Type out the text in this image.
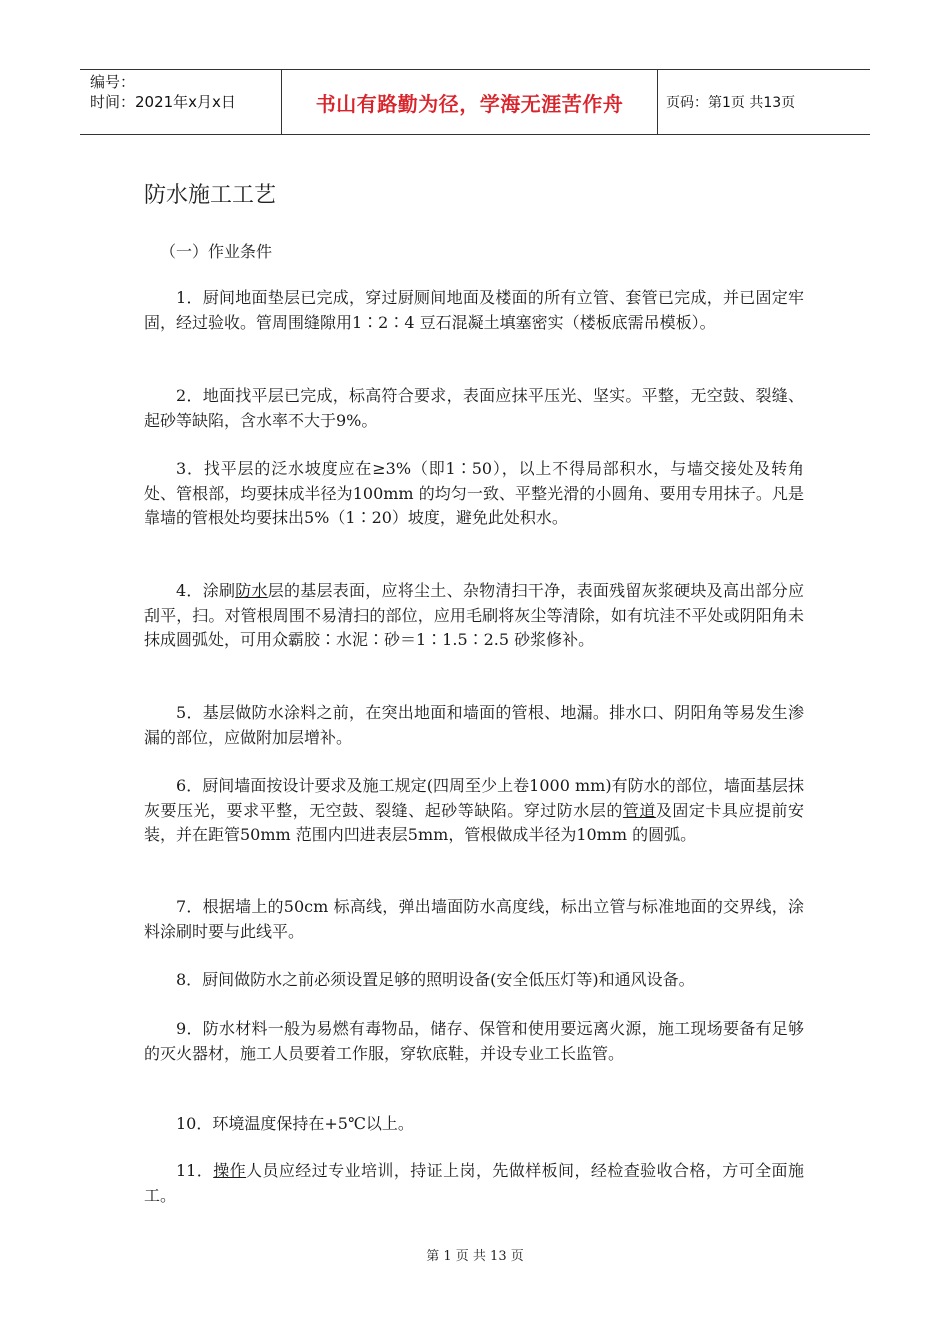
编号：
时间：2021年x月x日	书山有路勤为径，学海无涯苦作舟	页码：第1页 共13页
防水施工工艺
（一）作业条件
1．厨间地面垫层已完成，穿过厨厕间地面及楼面的所有立管、套管已完成，并已固定牢固，经过验收。管周围缝隙用1∶2∶4 豆石混凝土填塞密实（楼板底需吊模板）。
2．地面找平层已完成，标高符合要求，表面应抹平压光、坚实。平整，无空鼓、裂缝、起砂等缺陷，含水率不大于9%。
3．找平层的泛水坡度应在≥3%（即1∶50），以上不得局部积水，与墙交接处及转角处、管根部，均要抹成半径为100mm 的均匀一致、平整光滑的小圆角、要用专用抹子。凡是靠墙的管根处均要抹出5%（1∶20）坡度，避免此处积水。
4．涂刷防水层的基层表面，应将尘土、杂物清扫干净，表面残留灰浆硬块及高出部分应刮平，扫。对管根周围不易清扫的部位，应用毛刷将灰尘等清除，如有坑洼不平处或阴阳角未抹成圆弧处，可用众霸胶∶水泥∶砂＝1∶1.5∶2.5 砂浆修补。
5．基层做防水涂料之前，在突出地面和墙面的管根、地漏。排水口、阴阳角等易发生渗漏的部位，应做附加层增补。
6．厨间墙面按设计要求及施工规定(四周至少上卷1000 mm)有防水的部位，墙面基层抹灰要压光，要求平整，无空鼓、裂缝、起砂等缺陷。穿过防水层的管道及固定卡具应提前安装，并在距管50mm 范围内凹进表层5mm，管根做成半径为10mm 的圆弧。
7．根据墙上的50cm 标高线，弹出墙面防水高度线，标出立管与标准地面的交界线，涂料涂刷时要与此线平。
8．厨间做防水之前必须设置足够的照明设备(安全低压灯等)和通风设备。
9．防水材料一般为易燃有毒物品，储存、保管和使用要远离火源，施工现场要备有足够的灭火器材，施工人员要着工作服，穿软底鞋，并设专业工长监管。
10．环境温度保持在+5℃以上。
11．操作人员应经过专业培训，持证上岗，先做样板间，经检查验收合格，方可全面施工。
第 1 页 共 13 页
